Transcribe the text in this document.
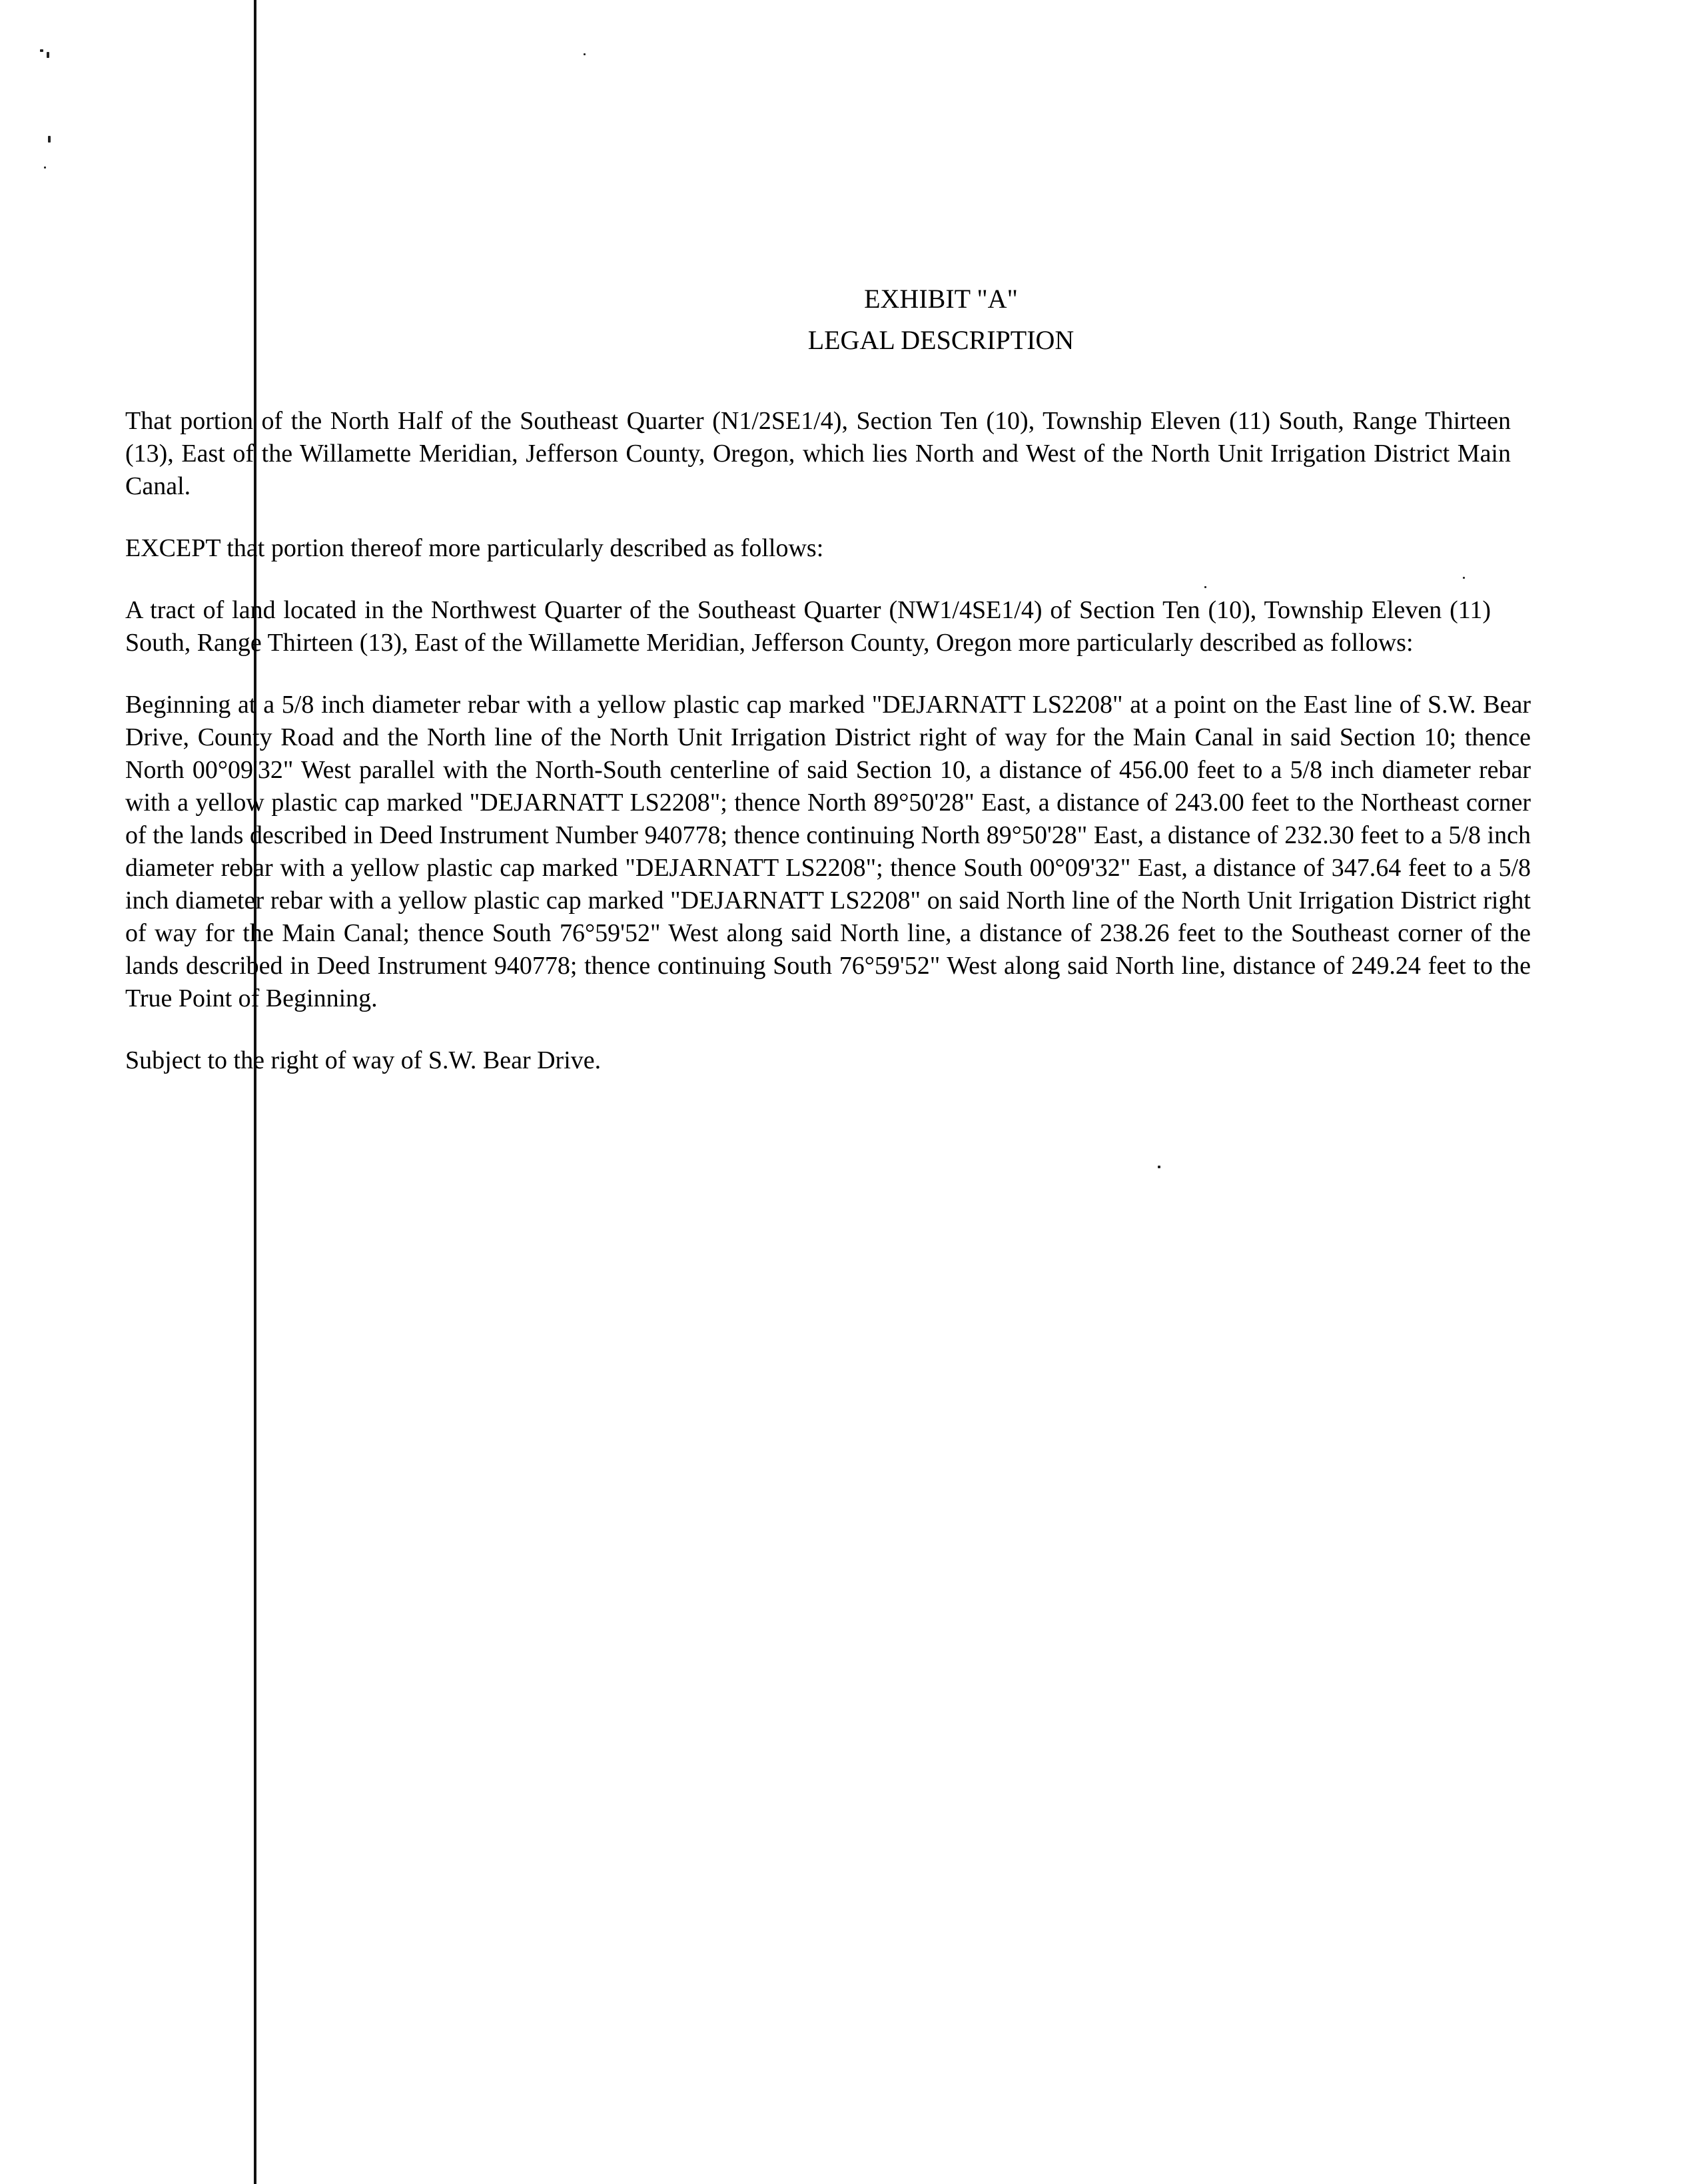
EXHIBIT "A"
LEGAL DESCRIPTION

That portion of the North Half of the Southeast Quarter (N1/2SE1/4), Section Ten (10), Township Eleven (11) South, Range Thirteen (13), East of the Willamette Meridian, Jefferson County, Oregon, which lies North and West of the North Unit Irrigation District Main Canal.

EXCEPT that portion thereof more particularly described as follows:

A tract of land located in the Northwest Quarter of the Southeast Quarter (NW1/4SE1/4) of Section Ten (10), Township Eleven (11) South, Range Thirteen (13), East of the Willamette Meridian, Jefferson County, Oregon more particularly described as follows:

Beginning at a 5/8 inch diameter rebar with a yellow plastic cap marked "DEJARNATT LS2208" at a point on the East line of S.W. Bear Drive, County Road and the North line of the North Unit Irrigation District right of way for the Main Canal in said Section 10; thence North 00°09'32" West parallel with the North-South centerline of said Section 10, a distance of 456.00 feet to a 5/8 inch diameter rebar with a yellow plastic cap marked "DEJARNATT LS2208"; thence North 89°50'28" East, a distance of 243.00 feet to the Northeast corner of the lands described in Deed Instrument Number 940778; thence continuing North 89°50'28" East, a distance of 232.30 feet to a 5/8 inch diameter rebar with a yellow plastic cap marked "DEJARNATT LS2208"; thence South 00°09'32" East, a distance of 347.64 feet to a 5/8 inch diameter rebar with a yellow plastic cap marked "DEJARNATT LS2208" on said North line of the North Unit Irrigation District right of way for the Main Canal; thence South 76°59'52" West along said North line, a distance of 238.26 feet to the Southeast corner of the lands described in Deed Instrument 940778; thence continuing South 76°59'52" West along said North line, distance of 249.24 feet to the True Point of Beginning.

Subject to the right of way of S.W. Bear Drive.
